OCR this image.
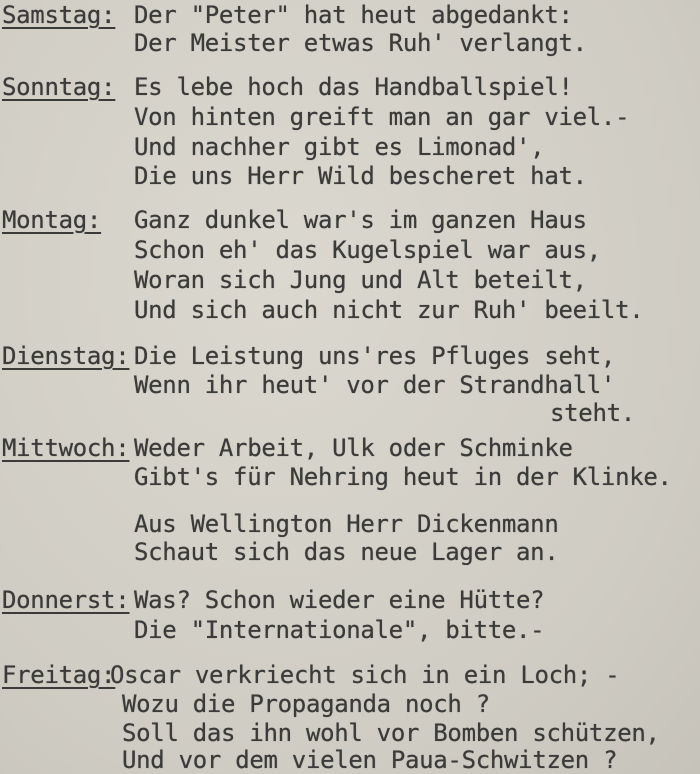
Samstag: Der "Peter" hat heut abgedankt:
Der Meister etwas Ruh' verlangt.
Sonntag: Es lebe hoch das Handballspiel!
Von hinten greift man an gar viel.-
Und nachher gibt es Limonad',
Die uns Herr Wild bescheret hat.
Montag: Ganz dunkel war's im ganzen Haus
Schon eh' das Kugelspiel war aus,
Woran sich Jung und Alt beteilt,
Und sich auch nicht zur Ruh' beeilt.
Dienstag: Die Leistung uns'res Pfluges seht,
Wenn ihr heut' vor der Strandhall'
steht.
Mittwoch: Weder Arbeit, Ulk oder Schminke
Gibt's für Nehring heut in der Klinke.
Aus Wellington Herr Dickenmann
Schaut sich das neue Lager an.
Donnerst: Was? Schon wieder eine Hütte?
Die "Internationale", bitte.-
Freitag:
Oscar verkriecht sich in ein Loch; -
Wozu die Propaganda noch ?
Soll das ihn wohl vor Bomben schützen,
Und vor dem vielen Paua-Schwitzen ?
